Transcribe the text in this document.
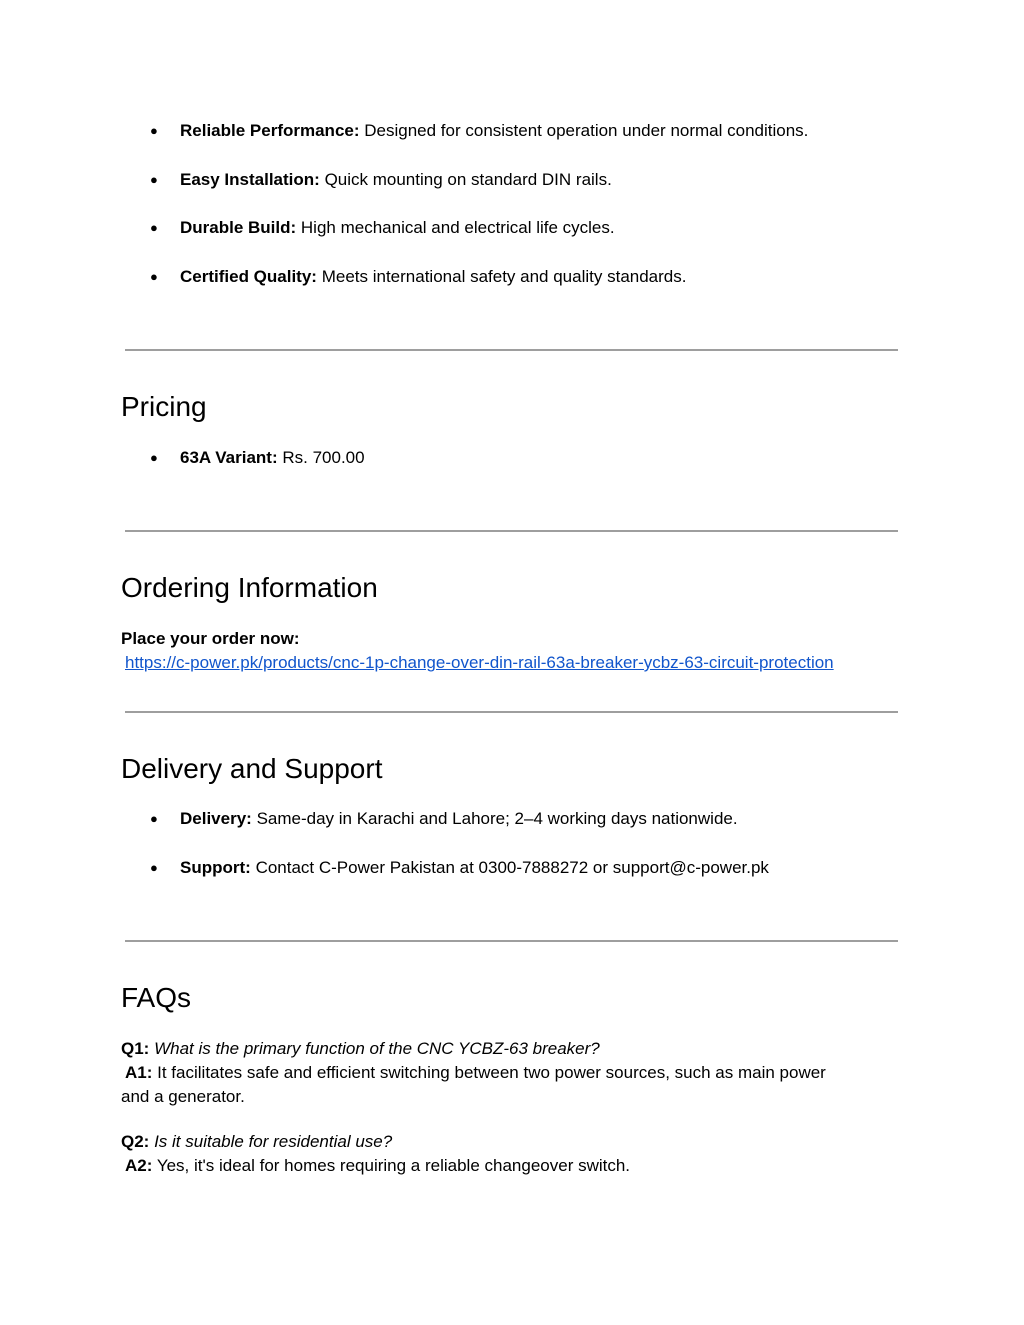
● Reliable Performance: Designed for consistent operation under normal conditions.
● Easy Installation: Quick mounting on standard DIN rails.
● Durable Build: High mechanical and electrical life cycles.
● Certified Quality: Meets international safety and quality standards.
Pricing
● 63A Variant: Rs. 700.00
Ordering Information
Place your order now:
https://c-power.pk/products/cnc-1p-change-over-din-rail-63a-breaker-ycbz-63-circuit-protection
Delivery and Support
● Delivery: Same-day in Karachi and Lahore; 2–4 working days nationwide.
● Support: Contact C-Power Pakistan at 0300-7888272 or support@c-power.pk
FAQs
Q1: What is the primary function of the CNC YCBZ-63 breaker?
A1: It facilitates safe and efficient switching between two power sources, such as main power
and a generator.
Q2: Is it suitable for residential use?
A2: Yes, it's ideal for homes requiring a reliable changeover switch.
